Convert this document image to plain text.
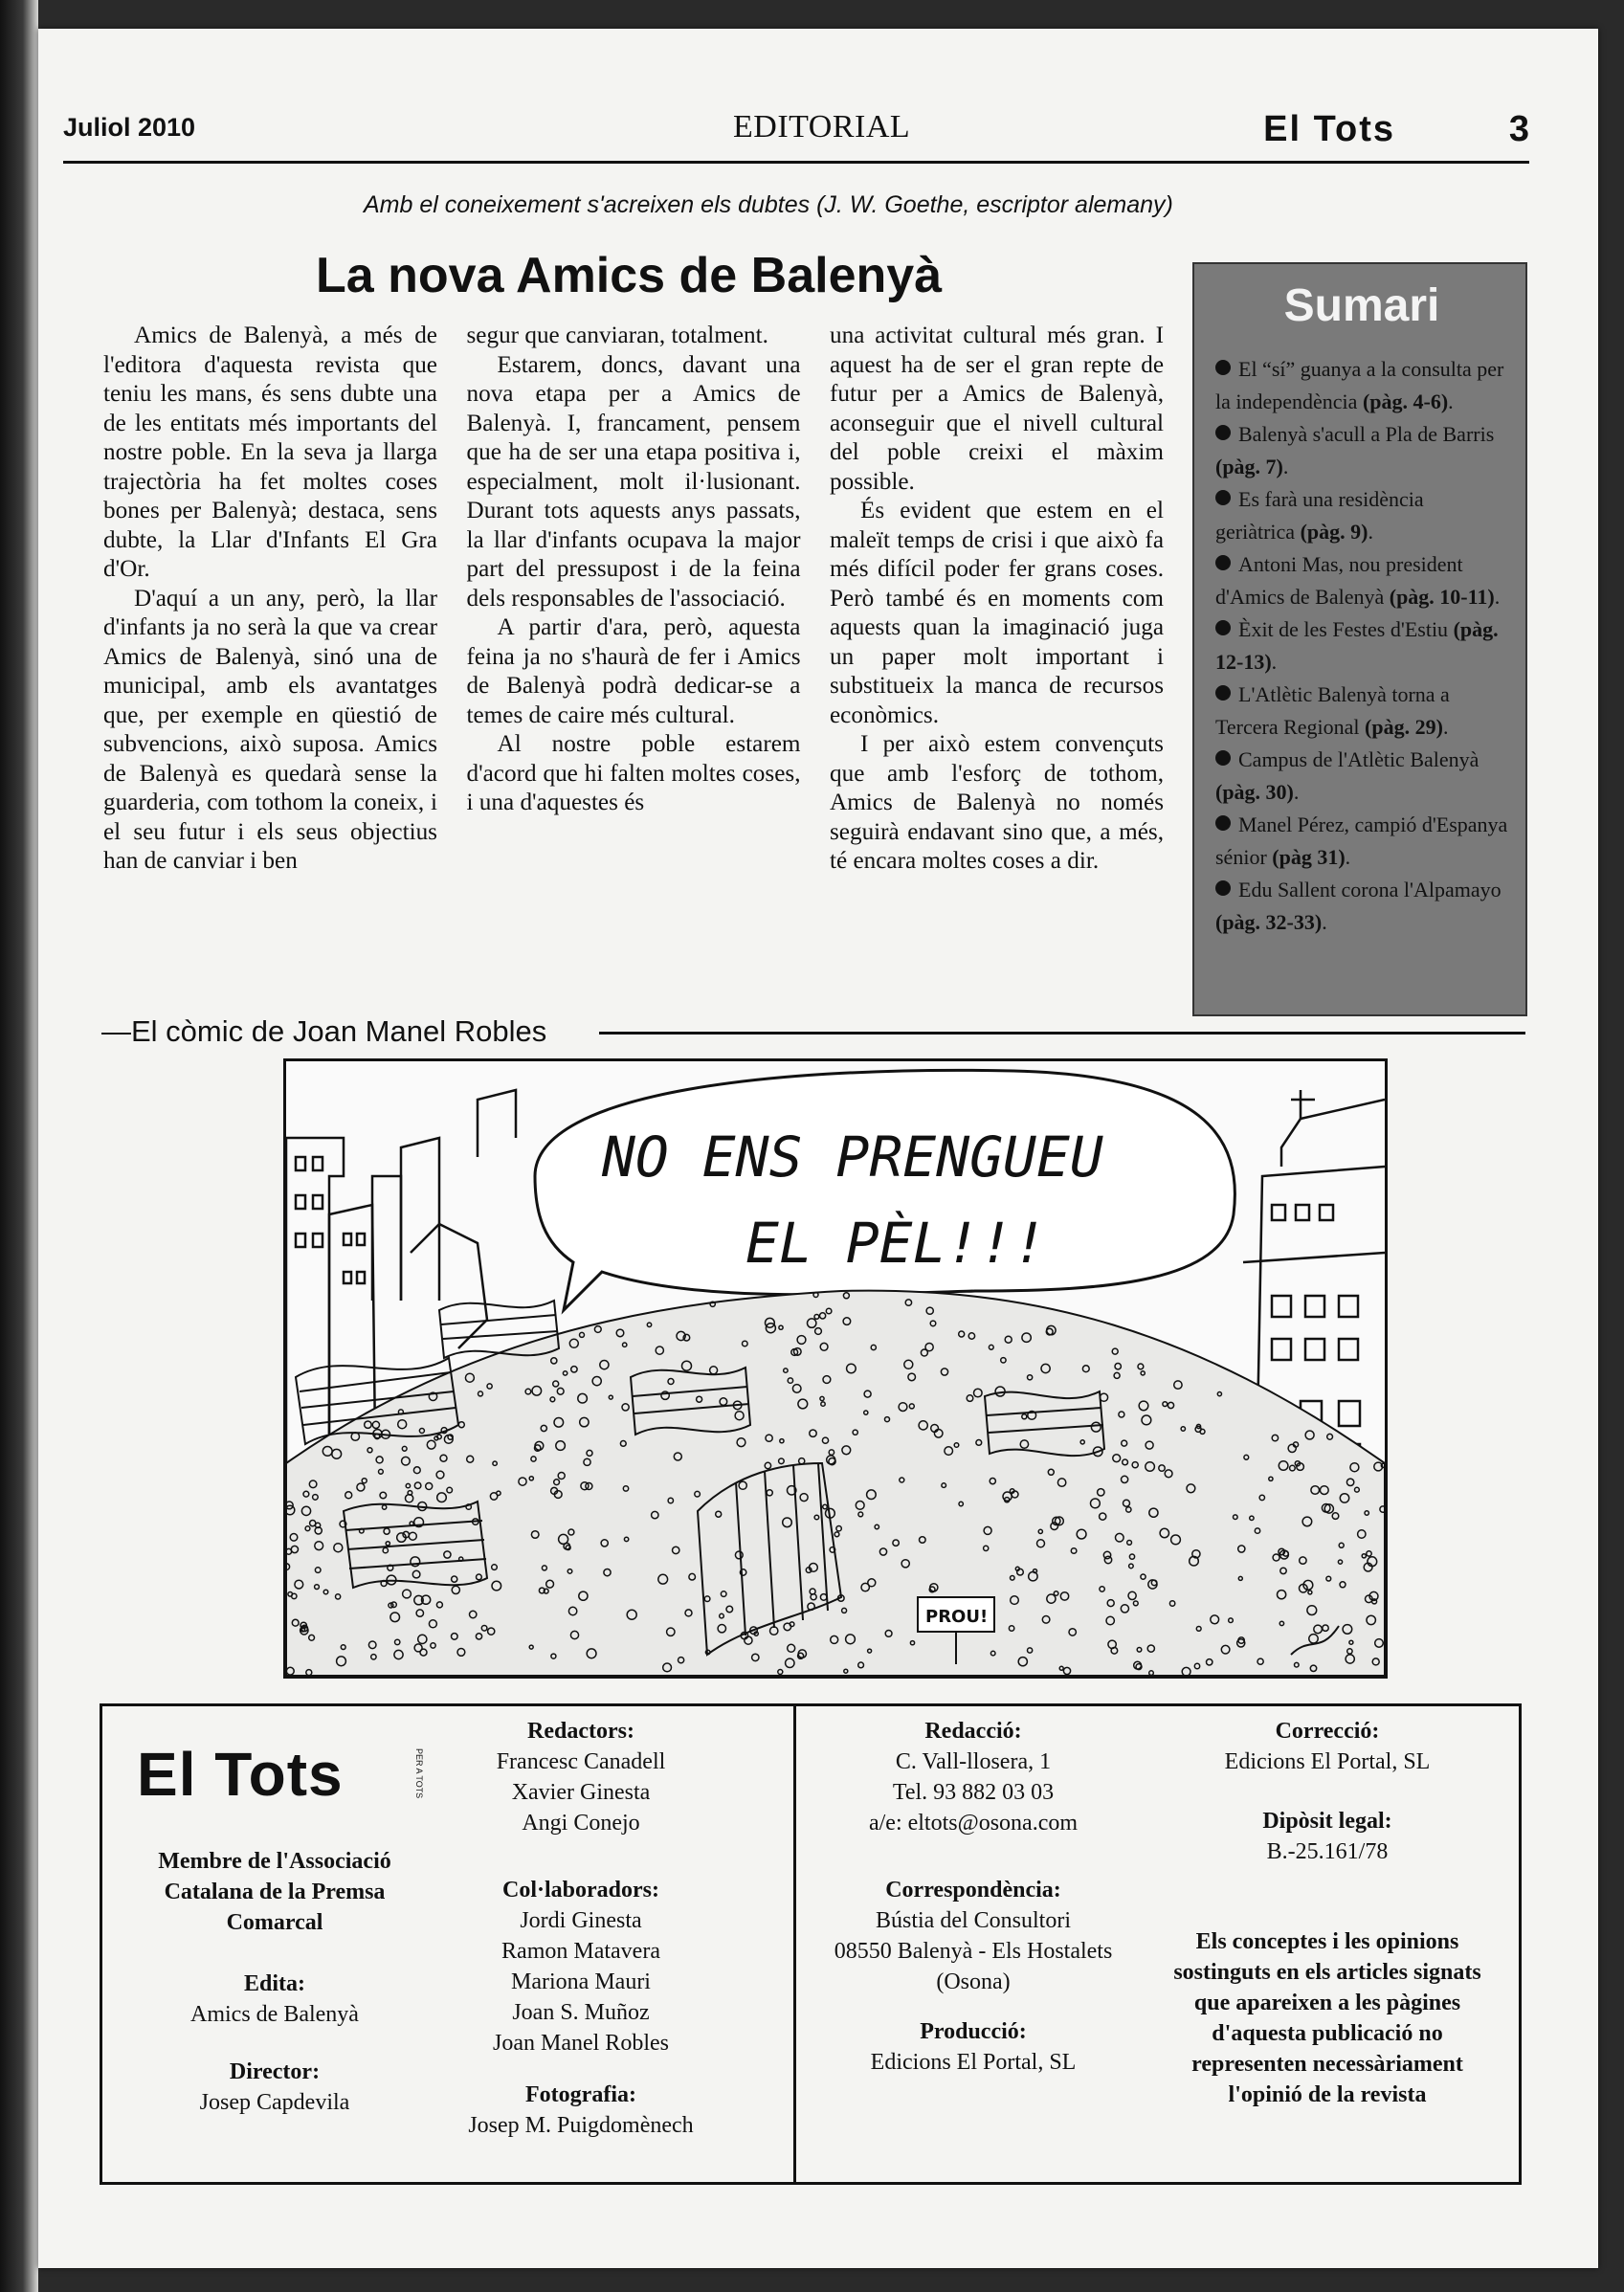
Juliol 2010	EDITORIAL	El Tots	3
Amb el coneixement s'acreixen els dubtes (J. W. Goethe, escriptor alemany)
La nova Amics de Balenyà

Amics de Balenyà, a més de l'editora d'aquesta revista que teniu les mans, és sens dubte una de les entitats més importants del nostre poble. En la seva ja llarga trajectòria ha fet moltes coses bones per Balenyà; destaca, sens dubte, la Llar d'Infants El Gra d'Or.

D'aquí a un any, però, la llar d'infants ja no serà la que va crear Amics de Balenyà, sinó una de municipal, amb els avantatges que, per exemple en qüestió de subvencions, això suposa. Amics de Balenyà es quedarà sense la guarderia, com tothom la coneix, i el seu futur i els seus objectius han de canviar i ben

segur que canviaran, totalment.

Estarem, doncs, davant una nova etapa per a Amics de Balenyà. I, francament, pensem que ha de ser una etapa positiva i, especialment, molt il·lusionant. Durant tots aquests anys passats, la llar d'infants ocupava la major part del pressupost i de la feina dels responsables de l'associació.

A partir d'ara, però, aquesta feina ja no s'haurà de fer i Amics de Balenyà podrà dedicar-se a temes de caire més cultural.

Al nostre poble estarem d'acord que hi falten moltes coses, i una d'aquestes és

una activitat cultural més gran. I aquest ha de ser el gran repte de futur per a Amics de Balenyà, aconseguir que el nivell cultural del poble creixi el màxim possible.

És evident que estem en el maleït temps de crisi i que això fa més difícil poder fer grans coses. Però també és en moments com aquests quan la imaginació juga un paper molt important i substitueix la manca de recursos econòmics.

I per això estem convençuts que amb l'esforç de tothom, Amics de Balenyà no només seguirà endavant sino que, a més, té encara moltes coses a dir.

Sumari
El “sí” guanya a la consulta per la independència (pàg. 4-6).
Balenyà s'acull a Pla de Barris (pàg. 7).
Es farà una residència geriàtrica (pàg. 9).
Antoni Mas, nou president d'Amics de Balenyà (pàg. 10-11).
Èxit de les Festes d'Estiu (pàg. 12-13).
L'Atlètic Balenyà torna a Tercera Regional (pàg. 29).
Campus de l'Atlètic Balenyà (pàg. 30).
Manel Pérez, campió d'Espanya sénior (pàg 31).
Edu Sallent corona l'Alpamayo (pàg. 32-33).
—El còmic de Joan Manel Robles
NO ENS PRENGUEU
EL PÈL!!!
PROU!
El Tots	PER A TOTS
Membre de l'Associació Catalana de la Premsa Comarcal
Edita:
Amics de Balenyà
Director:
Josep Capdevila
Redactors:
Francesc Canadell
Xavier Ginesta
Angi Conejo
Col·laboradors:
Jordi Ginesta
Ramon Matavera
Mariona Mauri
Joan S. Muñoz
Joan Manel Robles
Fotografia:
Josep M. Puigdomènech
Redacció:
C. Vall-llosera, 1
Tel. 93 882 03 03
a/e: eltots@osona.com
Correspondència:
Bústia del Consultori
08550 Balenyà - Els Hostalets
(Osona)
Producció:
Edicions El Portal, SL
Correcció:
Edicions El Portal, SL
Dipòsit legal:
B.-25.161/78
Els conceptes i les opinions sostinguts en els articles signats que apareixen a les pàgines d'aquesta publicació no representen necessàriament l'opinió de la revista
